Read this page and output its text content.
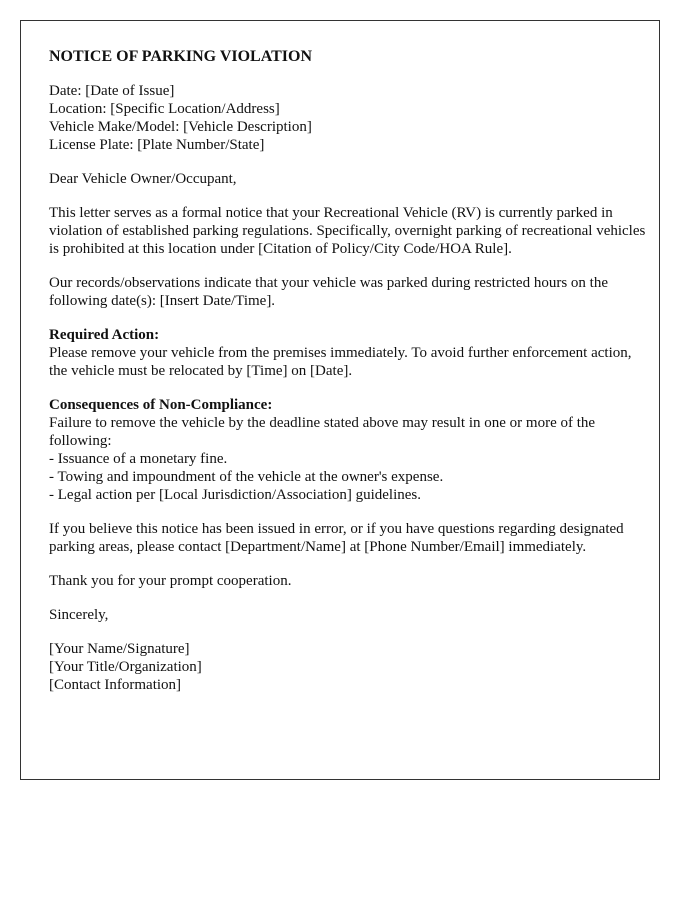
NOTICE OF PARKING VIOLATION
Date: [Date of Issue]
Location: [Specific Location/Address]
Vehicle Make/Model: [Vehicle Description]
License Plate: [Plate Number/State]
Dear Vehicle Owner/Occupant,
This letter serves as a formal notice that your Recreational Vehicle (RV) is currently parked in violation of established parking regulations. Specifically, overnight parking of recreational vehicles is prohibited at this location under [Citation of Policy/City Code/HOA Rule].
Our records/observations indicate that your vehicle was parked during restricted hours on the following date(s): [Insert Date/Time].
Required Action:
Please remove your vehicle from the premises immediately. To avoid further enforcement action, the vehicle must be relocated by [Time] on [Date].
Consequences of Non-Compliance:
Failure to remove the vehicle by the deadline stated above may result in one or more of the following:
- Issuance of a monetary fine.
- Towing and impoundment of the vehicle at the owner's expense.
- Legal action per [Local Jurisdiction/Association] guidelines.
If you believe this notice has been issued in error, or if you have questions regarding designated parking areas, please contact [Department/Name] at [Phone Number/Email] immediately.
Thank you for your prompt cooperation.
Sincerely,
[Your Name/Signature]
[Your Title/Organization]
[Contact Information]
